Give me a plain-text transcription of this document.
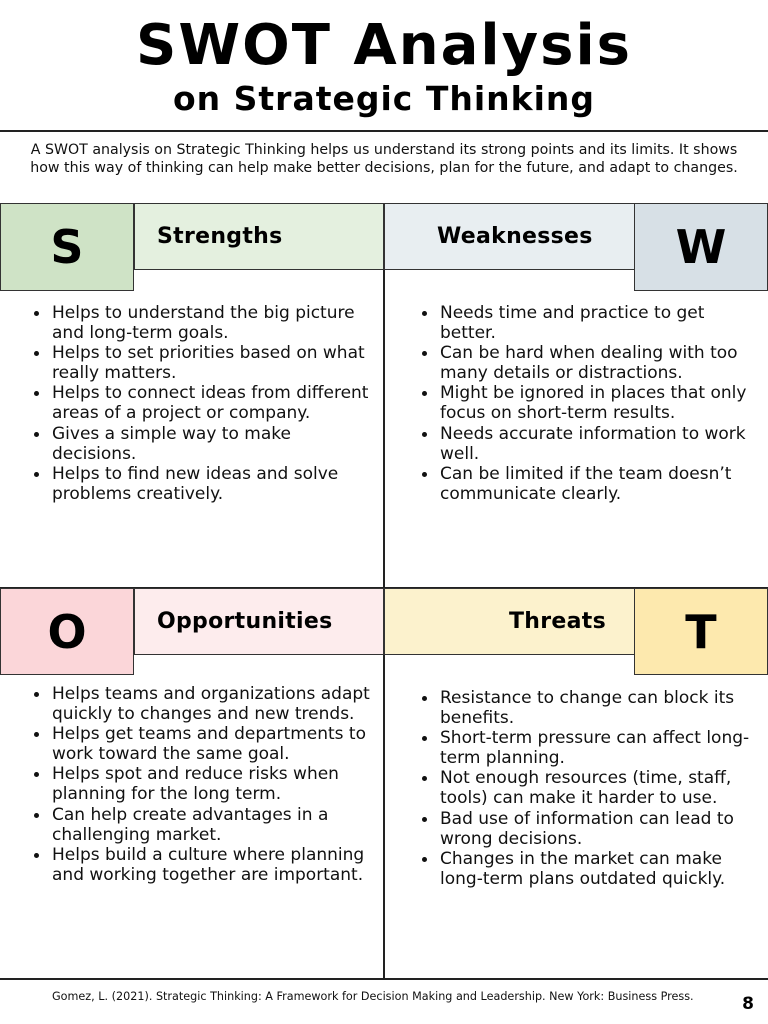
SWOT Analysis
on Strategic Thinking
A SWOT analysis on Strategic Thinking helps us understand its strong points and its limits. It shows how this way of thinking can help make better decisions, plan for the future, and adapt to changes.
S	Strengths
Helps to understand the big picture and long-term goals.
Helps to set priorities based on what really matters.
Helps to connect ideas from different areas of a project or company.
Gives a simple way to make decisions.
Helps to find new ideas and solve problems creatively.
Weaknesses W
Needs time and practice to get better.
Can be hard when dealing with too many details or distractions.
Might be ignored in places that only focus on short-term results.
Needs accurate information to work well.
Can be limited if the team doesn’t communicate clearly.
O	Opportunities
Helps teams and organizations adapt quickly to changes and new trends.
Helps get teams and departments to work toward the same goal.
Helps spot and reduce risks when planning for the long term.
Can help create advantages in a challenging market.
Helps build a culture where planning and working together are important.
Threats T
Resistance to change can block its benefits.
Short-term pressure can affect long-term planning.
Not enough resources (time, staff, tools) can make it harder to use.
Bad use of information can lead to wrong decisions.
Changes in the market can make long-term plans outdated quickly.
Gomez, L. (2021). Strategic Thinking: A Framework for Decision Making and Leadership. New York: Business Press.	8
